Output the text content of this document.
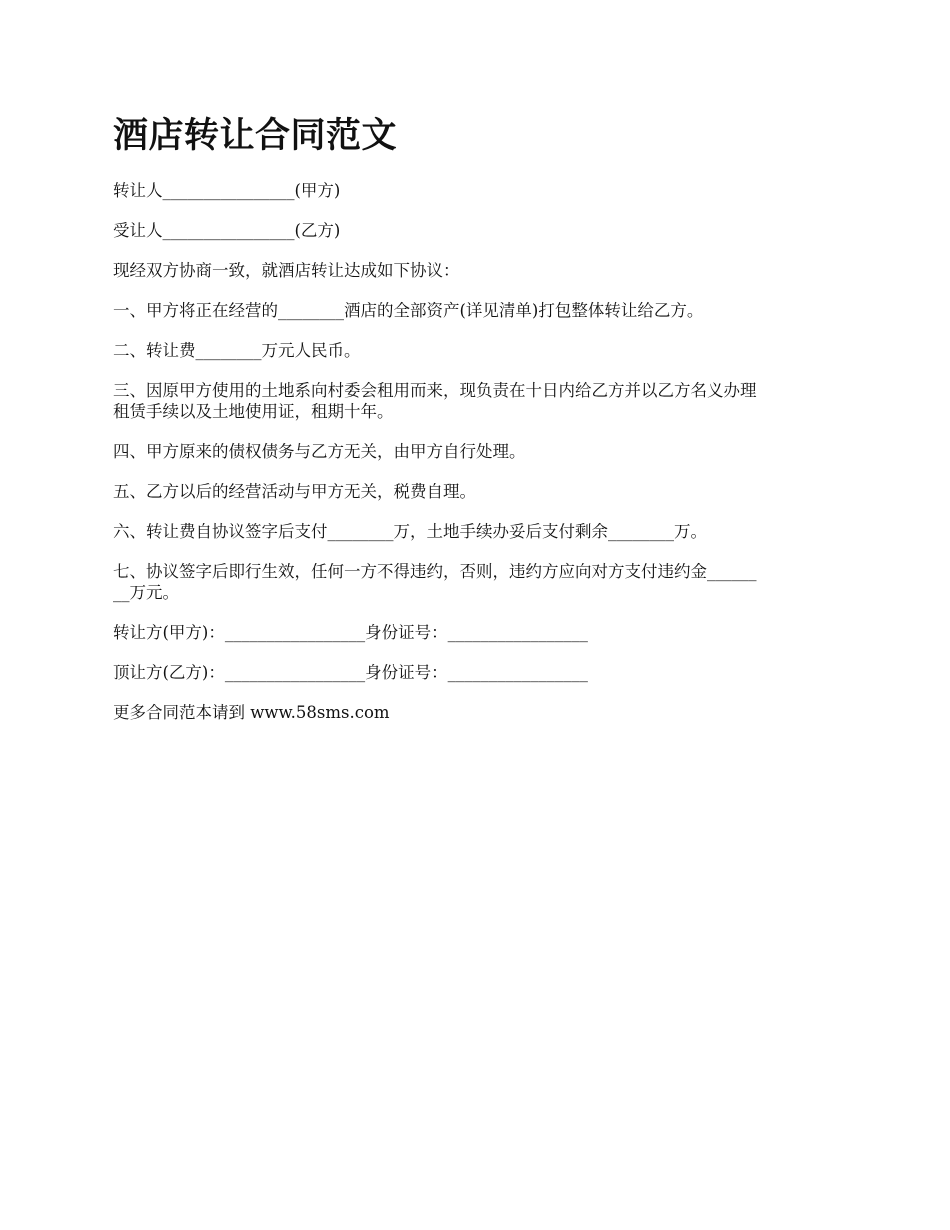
酒店转让合同范文

转让人________________(甲方)

受让人________________(乙方)

现经双方协商一致，就酒店转让达成如下协议：

一、甲方将正在经营的________酒店的全部资产(详见清单)打包整体转让给乙方。

二、转让费________万元人民币。

三、因原甲方使用的土地系向村委会租用而来，现负责在十日内给乙方并以乙方名义办理
租赁手续以及土地使用证，租期十年。

四、甲方原来的债权债务与乙方无关，由甲方自行处理。

五、乙方以后的经营活动与甲方无关，税费自理。

六、转让费自协议签字后支付________万，土地手续办妥后支付剩余________万。

七、协议签字后即行生效，任何一方不得违约，否则，违约方应向对方支付违约金______
__万元。

转让方(甲方)：_________________身份证号：_________________

顶让方(乙方)：_________________身份证号：_________________

更多合同范本请到 www.58sms.com
